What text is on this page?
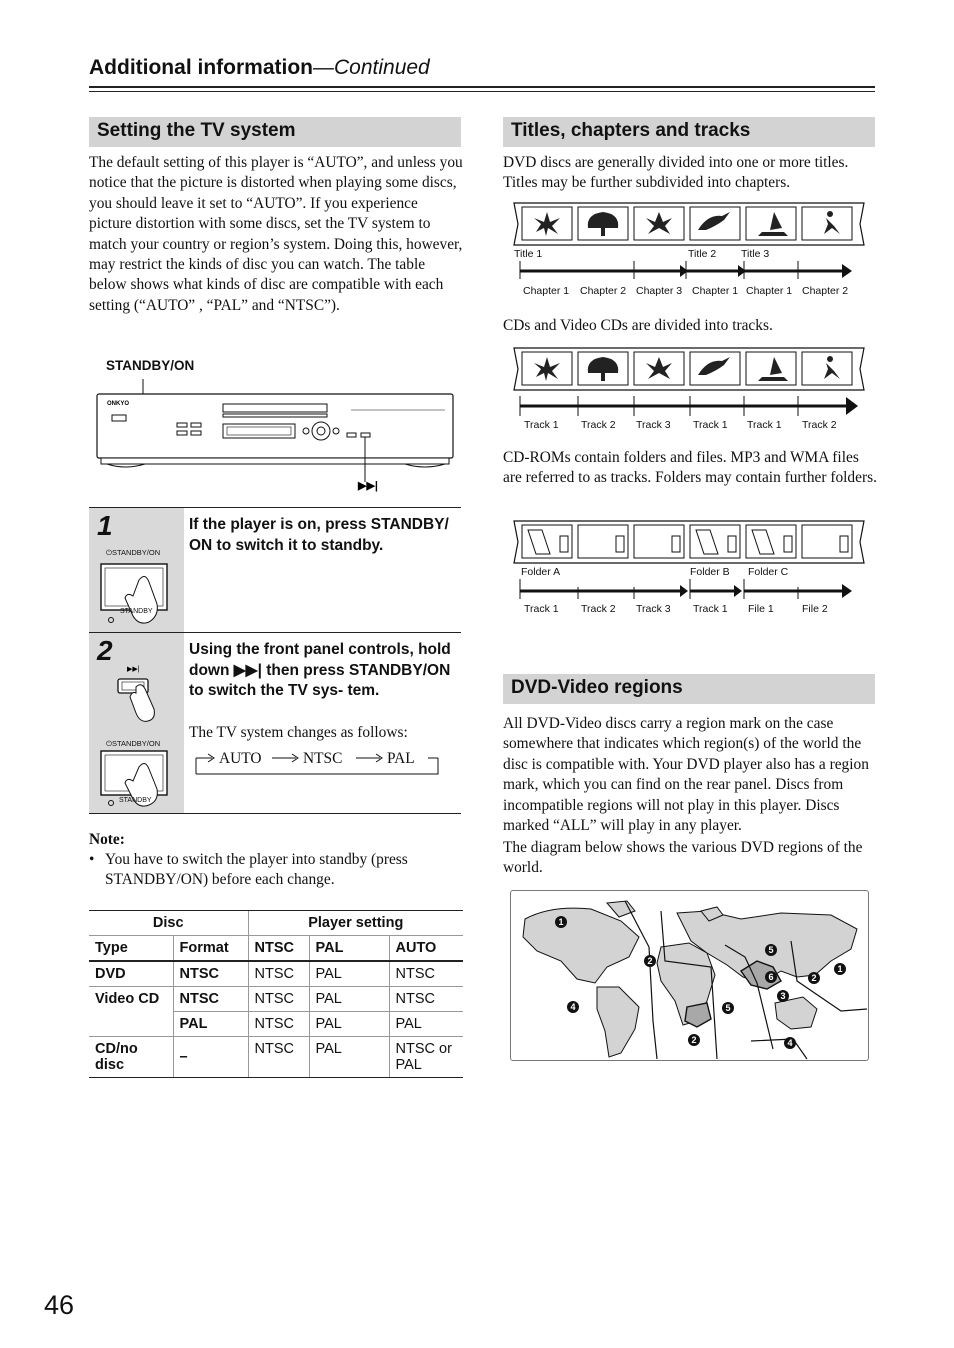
Additional information—Continued
Setting the TV system
The default setting of this player is “AUTO”, and unless you notice that the picture is distorted when playing some discs, you should leave it set to “AUTO”. If you experience picture distortion with some discs, set the TV system to match your country or region’s system. Doing this, however, may restrict the kinds of disc you can watch. The table below shows what kinds of disc are compatible with each setting (“AUTO” , “PAL” and “NTSC”).
STANDBY/ON
ONKYO
▶▶|
1
⏻STANDBY/ON
STANDBY
If the player is on, press STANDBY/ ON to switch it to standby.
2
▶▶|
⏻STANDBY/ON
STANDBY
Using the front panel controls, hold down ▶▶| then press STANDBY/ON to switch the TV sys- tem.
The TV system changes as follows:
AUTO	NTSC	PAL
Note:
• You have to switch the player into standby (press STANDBY/ON) before each change.
Disc		Player setting		
Type	Format	NTSC	PAL	AUTO
DVD	NTSC	NTSC	PAL	NTSC
Video CD	NTSC	NTSC	PAL	NTSC
	PAL	NTSC	PAL	PAL
CD/no disc	–	NTSC	PAL	NTSC or PAL
Titles, chapters and tracks
DVD discs are generally divided into one or more titles. Titles may be further subdivided into chapters.
Title 1	Title 2 Title 3
Chapter 1 Chapter 2 Chapter 3 Chapter 1 Chapter 1 Chapter 2
CDs and Video CDs are divided into tracks.
Track 1 Track 2 Track 3 Track 1 Track 1 Track 2
CD-ROMs contain folders and files. MP3 and WMA files are referred to as tracks. Folders may contain further folders.
Folder A	Folder B Folder C
Track 1 Track 2 Track 3 Track 1 File 1	File 2
DVD-Video regions
All DVD-Video discs carry a region mark on the case somewhere that indicates which region(s) of the world the disc is compatible with. Your DVD player also has a region mark, which you can find on the rear panel. Discs from incompatible regions will not play in this player. Discs marked “ALL” will play in any player.
The diagram below shows the various DVD regions of the world.
1
2
4
5
6	2
1
3
5
2	4
46
